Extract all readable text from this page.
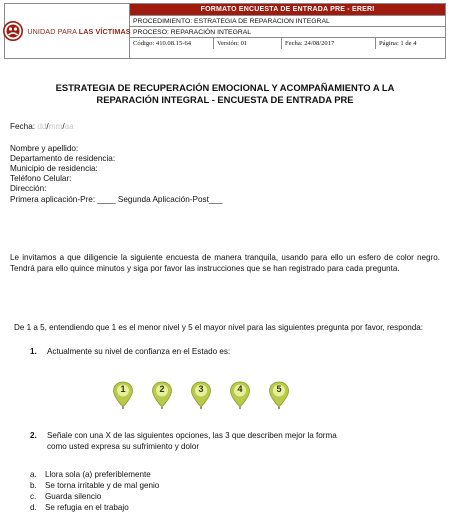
UNIDAD PARA LAS VÍCTIMAS
FORMATO ENCUESTA DE ENTRADA PRE - ERERI
PROCEDIMIENTO: ESTRATEGIA DE REPARACION INTEGRAL
PROCESO: REPARACIÓN INTEGRAL
Código: 410.08.15-64	Versión: 01	Fecha: 24/08/2017	Página: 1 de 4
ESTRATEGIA DE RECUPERACIÓN EMOCIONAL Y ACOMPAÑAMIENTO A LA
REPARACIÓN INTEGRAL - ENCUESTA DE ENTRADA PRE
Fecha: dd/mm/aa
Nombre y apellido:
Departamento de residencia:
Municipio de residencia:
Teléfono Celular:
Dirección:
Primera aplicación-Pre: ____ Segunda Aplicación-Post___
Le invitamos a que diligencie la siguiente encuesta de manera tranquila, usando para ello un esfero de color negro. Tendrá para ello quince minutos y siga por favor las instrucciones que se han registrado para cada pregunta.
De 1 a 5, entendiendo que 1 es el menor nivel y 5 el mayor nivel para las siguientes pregunta por favor, responda:
1. Actualmente su nivel de confianza en el Estado es:
1	2	3	4	5
2. Señale con una X de las siguientes opciones, las 3 que describen mejor la forma
como usted expresa su sufrimiento y dolor
a. Llora sola (a) preferiblemente
b. Se torna irritable y de mal genio
c. Guarda silencio
d. Se refugia en el trabajo
